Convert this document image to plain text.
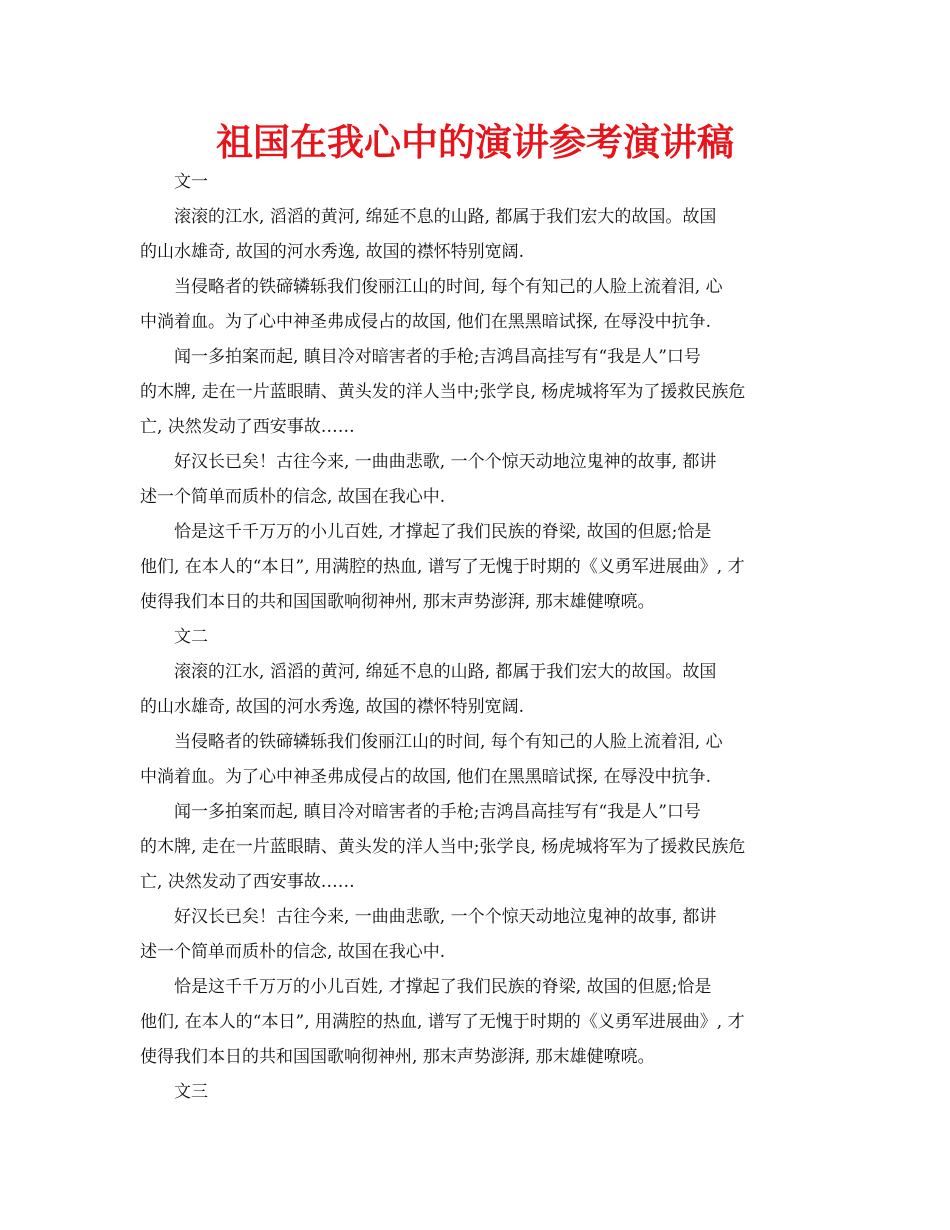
祖国在我心中的演讲参考演讲稿
文一
滚滚的江水, 滔滔的黄河, 绵延不息的山路, 都属于我们宏大的故国。故国
的山水雄奇, 故国的河水秀逸, 故国的襟怀特别宽阔.
当侵略者的铁碲辚轹我们俊丽江山的时间, 每个有知己的人脸上流着泪, 心
中淌着血。为了心中神圣弗成侵占的故国, 他们在黑黑暗试探, 在辱没中抗争.
闻一多拍案而起, 瞋目冷对暗害者的手枪;吉鸿昌高挂写有“我是人”口号
的木牌, 走在一片蓝眼睛、黄头发的洋人当中;张学良, 杨虎城将军为了援救民族危
亡, 决然发动了西安事故……
好汉长已矣！古往今来, 一曲曲悲歌, 一个个惊天动地泣鬼神的故事, 都讲
述一个简单而质朴的信念, 故国在我心中.
恰是这千千万万的小儿百姓, 才撑起了我们民族的脊梁, 故国的但愿;恰是
他们, 在本人的“本日”, 用满腔的热血, 谱写了无愧于时期的《义勇军进展曲》, 才
使得我们本日的共和国国歌响彻神州, 那末声势澎湃, 那末雄健嘹喨。
文二
滚滚的江水, 滔滔的黄河, 绵延不息的山路, 都属于我们宏大的故国。故国
的山水雄奇, 故国的河水秀逸, 故国的襟怀特别宽阔.
当侵略者的铁碲辚轹我们俊丽江山的时间, 每个有知己的人脸上流着泪, 心
中淌着血。为了心中神圣弗成侵占的故国, 他们在黑黑暗试探, 在辱没中抗争.
闻一多拍案而起, 瞋目冷对暗害者的手枪;吉鸿昌高挂写有“我是人”口号
的木牌, 走在一片蓝眼睛、黄头发的洋人当中;张学良, 杨虎城将军为了援救民族危
亡, 决然发动了西安事故……
好汉长已矣！古往今来, 一曲曲悲歌, 一个个惊天动地泣鬼神的故事, 都讲
述一个简单而质朴的信念, 故国在我心中.
恰是这千千万万的小儿百姓, 才撑起了我们民族的脊梁, 故国的但愿;恰是
他们, 在本人的“本日”, 用满腔的热血, 谱写了无愧于时期的《义勇军进展曲》, 才
使得我们本日的共和国国歌响彻神州, 那末声势澎湃, 那末雄健嘹喨。
文三
